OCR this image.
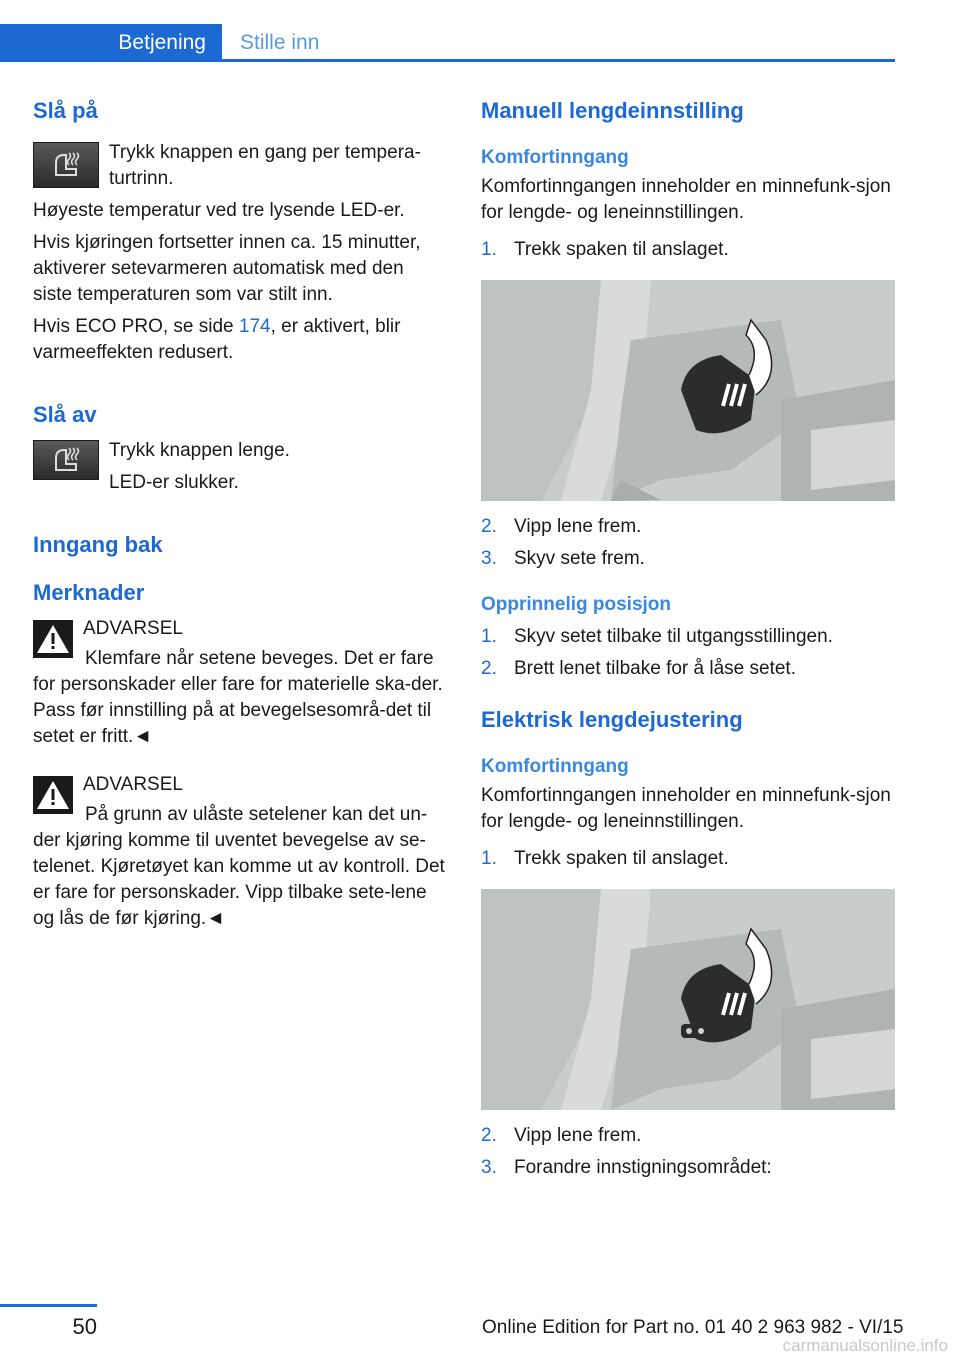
Betjening	Stille inn
Slå på

Trykk knappen en gang per tempera‐turtrinn.

Høyeste temperatur ved tre lysende LED-er.

Hvis kjøringen fortsetter innen ca. 15 minutter, aktiverer setevarmeren automatisk med den siste temperaturen som var stilt inn.

Hvis ECO PRO, se side 174, er aktivert, blir varmeeffekten redusert.

Slå av

Trykk knappen lenge.

LED-er slukker.

Inngang bak
Merknader

ADVARSEL

Klemfare når setene beveges. Det er fare for personskader eller fare for materielle ska‐der. Pass før innstilling på at bevegelsesområ‐det til setet er fritt.◄

ADVARSEL

På grunn av ulåste setelener kan det un‐der kjøring komme til uventet bevegelse av se‐telenet. Kjøretøyet kan komme ut av kontroll. Det er fare for personskader. Vipp tilbake sete‐lene og lås de før kjøring.◄

Manuell lengdeinnstilling
Komfortinngang

Komfortinngangen inneholder en minnefunk‐sjon for lengde- og leneinnstillingen.

1. Trekk spaken til anslaget.
2. Vipp lene frem.
3. Skyv sete frem.
Opprinnelig posisjon
1. Skyv setet tilbake til utgangsstillingen.
2. Brett lenet tilbake for å låse setet.
Elektrisk lengdejustering
Komfortinngang

Komfortinngangen inneholder en minnefunk‐sjon for lengde- og leneinnstillingen.

1. Trekk spaken til anslaget.
2. Vipp lene frem.
3. Forandre innstigningsområdet:
50	Online Edition for Part no. 01 40 2 963 982 - VI/15
carmanualsonline.info
